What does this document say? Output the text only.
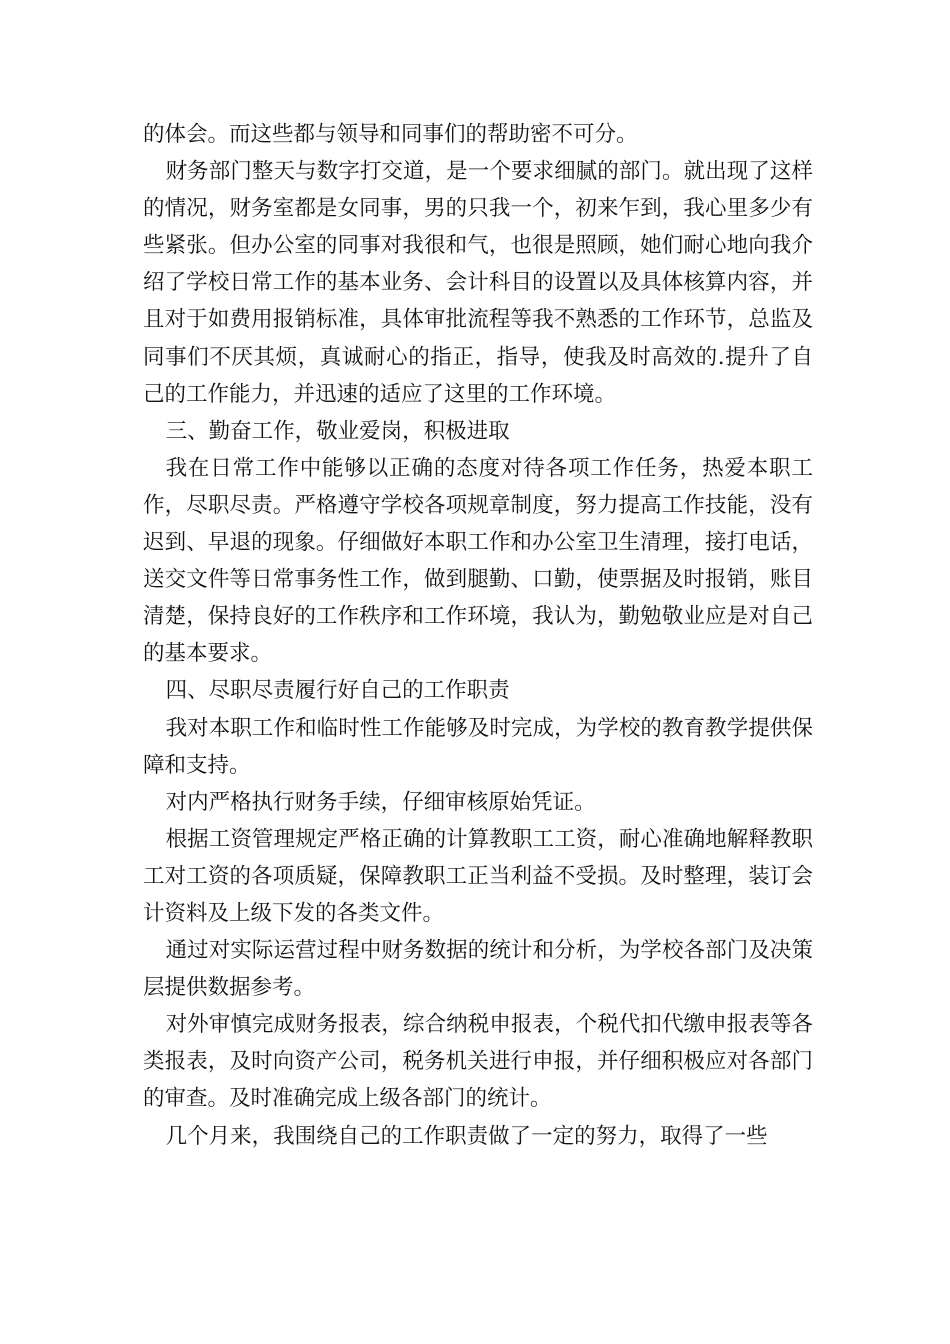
的体会。而这些都与领导和同事们的帮助密不可分。

财务部门整天与数字打交道，是一个要求细腻的部门。就出现了这样的情况，财务室都是女同事，男的只我一个，初来乍到，我心里多少有些紧张。但办公室的同事对我很和气，也很是照顾，她们耐心地向我介绍了学校日常工作的基本业务、会计科目的设置以及具体核算内容，并且对于如费用报销标准，具体审批流程等我不熟悉的工作环节，总监及同事们不厌其烦，真诚耐心的指正，指导，使我及时高效的.提升了自己的工作能力，并迅速的适应了这里的工作环境。

三、勤奋工作，敬业爱岗，积极进取

我在日常工作中能够以正确的态度对待各项工作任务，热爱本职工作，尽职尽责。严格遵守学校各项规章制度，努力提高工作技能，没有迟到、早退的现象。仔细做好本职工作和办公室卫生清理，接打电话，送交文件等日常事务性工作，做到腿勤、口勤，使票据及时报销，账目清楚，保持良好的工作秩序和工作环境，我认为，勤勉敬业应是对自己的基本要求。

四、尽职尽责履行好自己的工作职责

我对本职工作和临时性工作能够及时完成，为学校的教育教学提供保障和支持。

对内严格执行财务手续，仔细审核原始凭证。

根据工资管理规定严格正确的计算教职工工资，耐心准确地解释教职工对工资的各项质疑，保障教职工正当利益不受损。及时整理，装订会计资料及上级下发的各类文件。

通过对实际运营过程中财务数据的统计和分析，为学校各部门及决策层提供数据参考。

对外审慎完成财务报表，综合纳税申报表，个税代扣代缴申报表等各类报表，及时向资产公司，税务机关进行申报，并仔细积极应对各部门的审查。及时准确完成上级各部门的统计。

几个月来，我围绕自己的工作职责做了一定的努力，取得了一些
